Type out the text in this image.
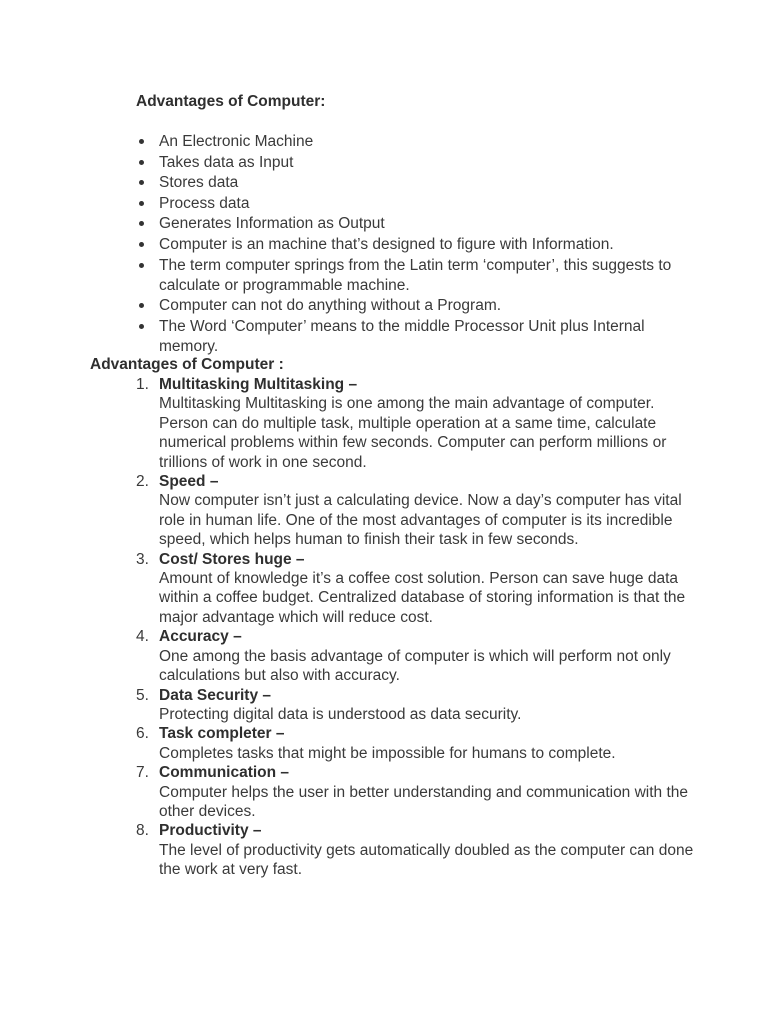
Advantages of Computer:
An Electronic Machine
Takes data as Input
Stores data
Process data
Generates Information as Output
Computer is an machine that’s designed to figure with Information.
The term computer springs from the Latin term ‘computer’, this suggests to calculate or programmable machine.
Computer can not do anything without a Program.
The Word ‘Computer’ means to the middle Processor Unit plus Internal memory.
Advantages of Computer :
1. Multitasking Multitasking –
Multitasking Multitasking is one among the main advantage of computer. Person can do multiple task, multiple operation at a same time, calculate numerical problems within few seconds. Computer can perform millions or trillions of work in one second.
2. Speed –
Now computer isn’t just a calculating device. Now a day’s computer has vital role in human life. One of the most advantages of computer is its incredible speed, which helps human to finish their task in few seconds.
3. Cost/ Stores huge –
Amount of knowledge it’s a coffee cost solution. Person can save huge data within a coffee budget. Centralized database of storing information is that the major advantage which will reduce cost.
4. Accuracy –
One among the basis advantage of computer is which will perform not only calculations but also with accuracy.
5. Data Security –
Protecting digital data is understood as data security.
6. Task completer –
Completes tasks that might be impossible for humans to complete.
7. Communication –
Computer helps the user in better understanding and communication with the other devices.
8. Productivity –
The level of productivity gets automatically doubled as the computer can done the work at very fast.
